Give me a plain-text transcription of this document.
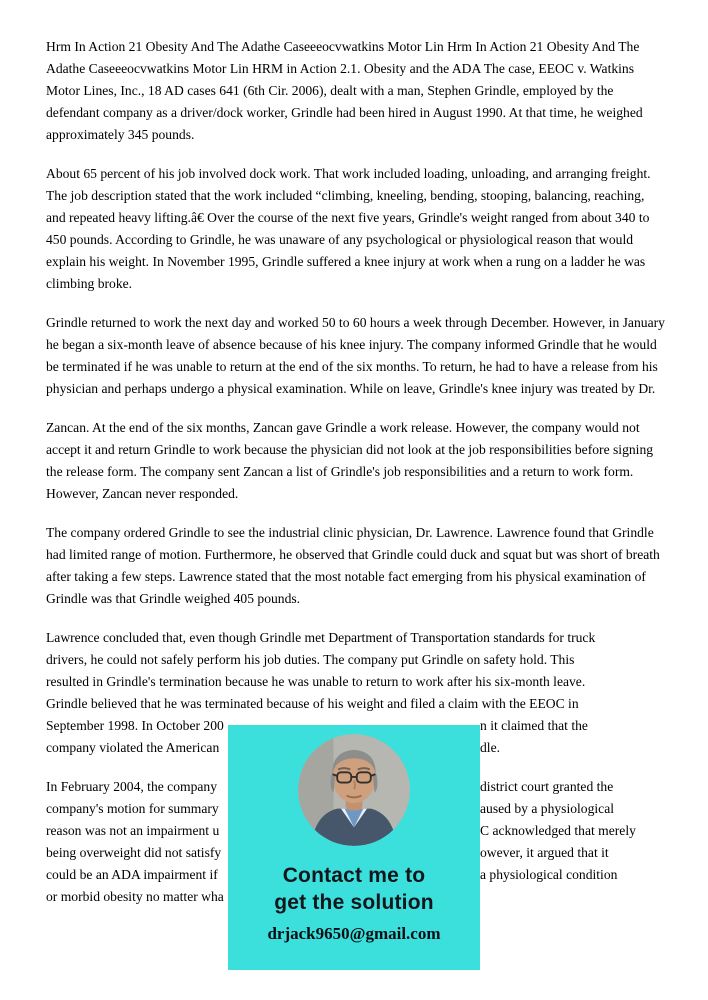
Hrm In Action 21 Obesity And The Adathe Caseeeocvwatkins Motor Lin Hrm In Action 21 Obesity And The Adathe Caseeeocvwatkins Motor Lin HRM in Action 2.1. Obesity and the ADA The case, EEOC v. Watkins Motor Lines, Inc., 18 AD cases 641 (6th Cir. 2006), dealt with a man, Stephen Grindle, employed by the defendant company as a driver/dock worker, Grindle had been hired in August 1990. At that time, he weighed approximately 345 pounds.

About 65 percent of his job involved dock work. That work included loading, unloading, and arranging freight. The job description stated that the work included “climbing, kneeling, bending, stooping, balancing, reaching, and repeated heavy lifting.â€ Over the course of the next five years, Grindle's weight ranged from about 340 to 450 pounds. According to Grindle, he was unaware of any psychological or physiological reason that would explain his weight. In November 1995, Grindle suffered a knee injury at work when a rung on a ladder he was climbing broke.

Grindle returned to work the next day and worked 50 to 60 hours a week through December. However, in January he began a six-month leave of absence because of his knee injury. The company informed Grindle that he would be terminated if he was unable to return at the end of the six months. To return, he had to have a release from his physician and perhaps undergo a physical examination. While on leave, Grindle's knee injury was treated by Dr.

Zancan. At the end of the six months, Zancan gave Grindle a work release. However, the company would not accept it and return Grindle to work because the physician did not look at the job responsibilities before signing the release form. The company sent Zancan a list of Grindle's job responsibilities and a return to work form. However, Zancan never responded.

The company ordered Grindle to see the industrial clinic physician, Dr. Lawrence. Lawrence found that Grindle had limited range of motion. Furthermore, he observed that Grindle could duck and squat but was short of breath after taking a few steps. Lawrence stated that the most notable fact emerging from his physical examination of Grindle was that Grindle weighed 405 pounds.

Lawrence concluded that, even though Grindle met Department of Transportation standards for truck
drivers, he could not safely perform his job duties. The company put Grindle on safety hold. This
resulted in Grindle's termination because he was unable to return to work after his six-month leave.
Grindle believed that he was terminated because of his weight and filed a claim with the EEOC in
September 1998. In October 200	n it claimed that the
company violated the American	dle.
In February 2004, the company	district court granted the
company's motion for summary	aused by a physiological
reason was not an impairment u	C acknowledged that merely
being overweight did not satisfy	owever, it argued that it
could be an ADA impairment if	a physiological condition
or morbid obesity no matter wha
Contact me to
get the solution
drjack9650@gmail.com
